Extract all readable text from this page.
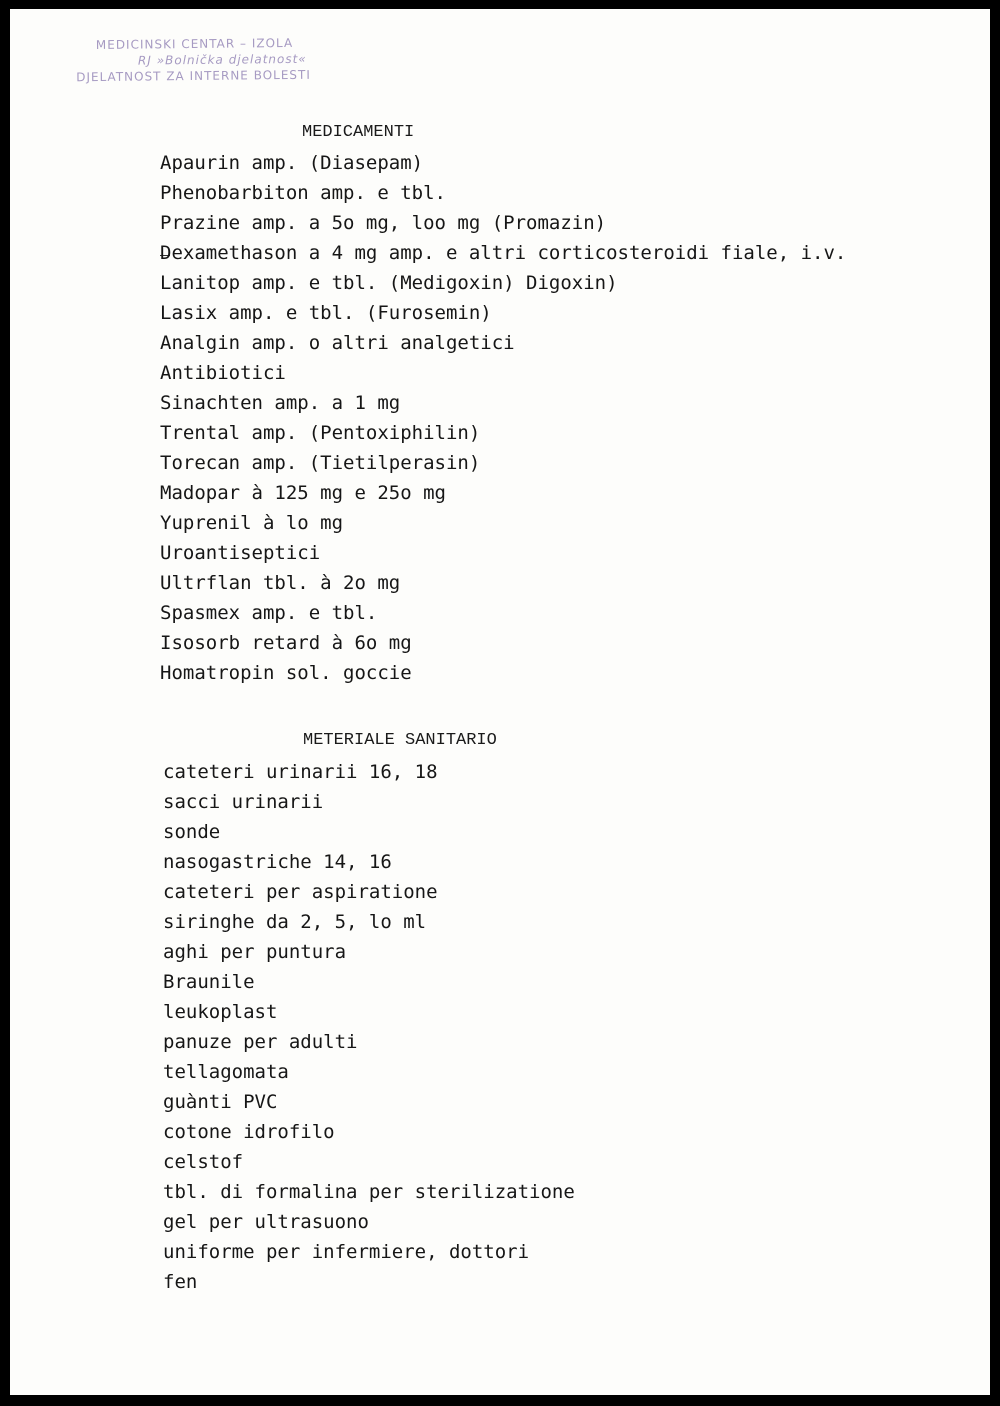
MEDICINSKI CENTAR – IZOLA
RJ »Bolnička djelatnost«
DJELATNOST ZA INTERNE BOLESTI
MEDICAMENTI
Apaurin amp. (Diasepam)
Phenobarbiton amp. e tbl.
Prazine amp. a 5o mg, loo mg (Promazin)
Dexamethason a 4 mg amp. e altri corticosteroidi fiale, i.v.
Lanitop amp. e tbl. (Medigoxin) Digoxin)
Lasix amp. e tbl. (Furosemin)
Analgin amp. o altri analgetici
Antibiotici
Sinachten amp. a 1 mg
Trental amp. (Pentoxiphilin)
Torecan amp. (Tietilperasin)
Madopar à 125 mg e 25o mg
Yuprenil à lo mg
Uroantiseptici
Ultrflan tbl. à 2o mg
Spasmex amp. e tbl.
Isosorb retard à 6o mg
Homatropin sol. goccie
METERIALE SANITARIO
cateteri urinarii 16, 18
sacci urinarii
sonde
nasogastriche 14, 16
cateteri per aspiratione
siringhe da 2, 5, lo ml
aghi per puntura
Braunile
leukoplast
panuze per adulti
tellagomata
guànti PVC
cotone idrofilo
celstof
tbl. di formalina per sterilizatione
gel per ultrasuono
uniforme per infermiere, dottori
fen
